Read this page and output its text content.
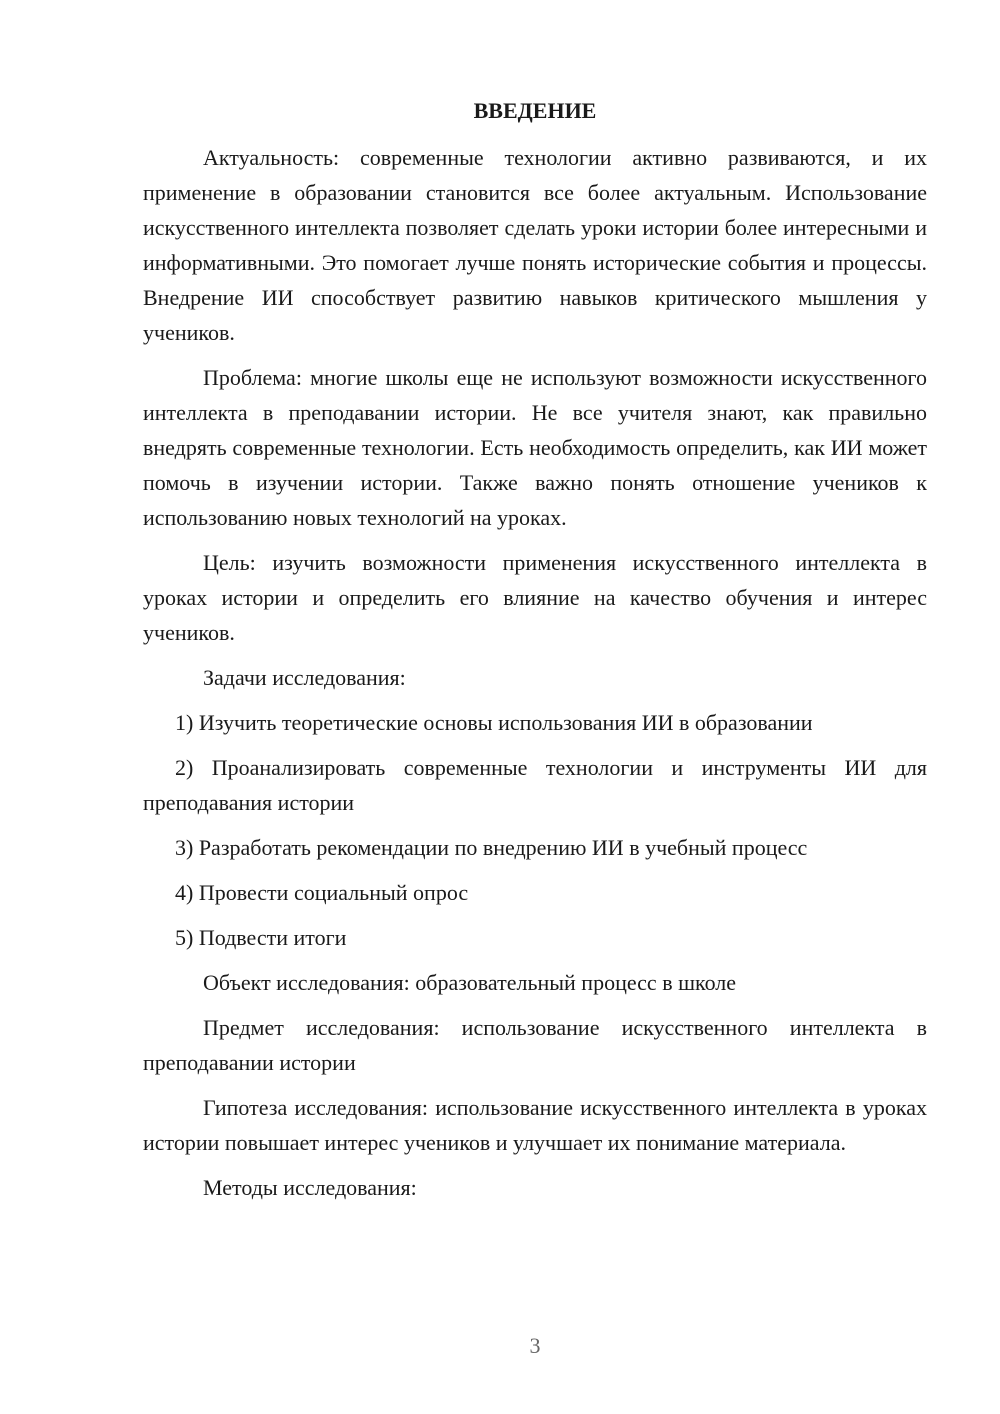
ВВЕДЕНИЕ

Актуальность: современные технологии активно развиваются, и их применение в образовании становится все более актуальным. Использование искусственного интеллекта позволяет сделать уроки истории более интересными и информативными. Это помогает лучше понять исторические события и процессы. Внедрение ИИ способствует развитию навыков критического мышления у учеников.

Проблема: многие школы еще не используют возможности искусственного интеллекта в преподавании истории. Не все учителя знают, как правильно внедрять современные технологии. Есть необходимость определить, как ИИ может помочь в изучении истории. Также важно понять отношение учеников к использованию новых технологий на уроках.

Цель: изучить возможности применения искусственного интеллекта в уроках истории и определить его влияние на качество обучения и интерес учеников.

Задачи исследования:

1) Изучить теоретические основы использования ИИ в образовании

2) Проанализировать современные технологии и инструменты ИИ для преподавания истории

3) Разработать рекомендации по внедрению ИИ в учебный процесс

4) Провести социальный опрос

5) Подвести итоги

Объект исследования: образовательный процесс в школе

Предмет исследования: использование искусственного интеллекта в преподавании истории

Гипотеза исследования: использование искусственного интеллекта в уроках истории повышает интерес учеников и улучшает их понимание материала.

Методы исследования:

3
